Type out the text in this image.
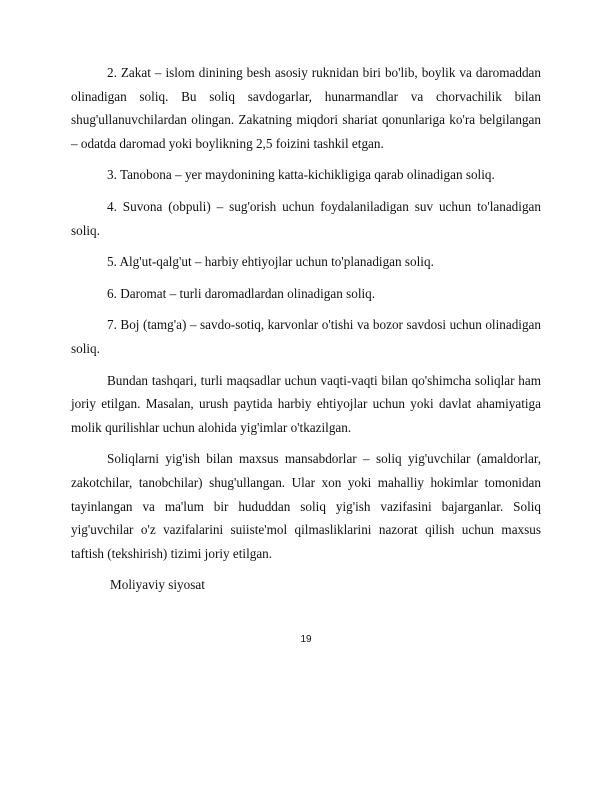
2. Zakat – islom dinining besh asosiy ruknidan biri bo'lib, boylik va daromaddan olinadigan soliq. Bu soliq savdogarlar, hunarmandlar va chorvachilik bilan shug'ullanuvchilardan olingan. Zakatning miqdori shariat qonunlariga ko'ra belgilangan – odatda daromad yoki boylikning 2,5 foizini tashkil etgan.

3. Tanobona – yer maydonining katta-kichikligiga qarab olinadigan soliq.

4. Suvona (obpuli) – sug'orish uchun foydalaniladigan suv uchun to'lanadigan soliq.

5. Alg'ut-qalg'ut – harbiy ehtiyojlar uchun to'planadigan soliq.

6. Daromat – turli daromadlardan olinadigan soliq.

7. Boj (tamg'a) – savdo-sotiq, karvonlar o'tishi va bozor savdosi uchun olinadigan soliq.

Bundan tashqari, turli maqsadlar uchun vaqti-vaqti bilan qo'shimcha soliqlar ham joriy etilgan. Masalan, urush paytida harbiy ehtiyojlar uchun yoki davlat ahamiyatiga molik qurilishlar uchun alohida yig'imlar o'tkazilgan.

Soliqlarni yig'ish bilan maxsus mansabdorlar – soliq yig'uvchilar (amaldorlar, zakotchilar, tanobchilar) shug'ullangan. Ular xon yoki mahalliy hokimlar tomonidan tayinlangan va ma'lum bir hududdan soliq yig'ish vazifasini bajarganlar. Soliq yig'uvchilar o'z vazifalarini suiiste'mol qilmasliklarini nazorat qilish uchun maxsus taftish (tekshirish) tizimi joriy etilgan.

Moliyaviy siyosat

19
